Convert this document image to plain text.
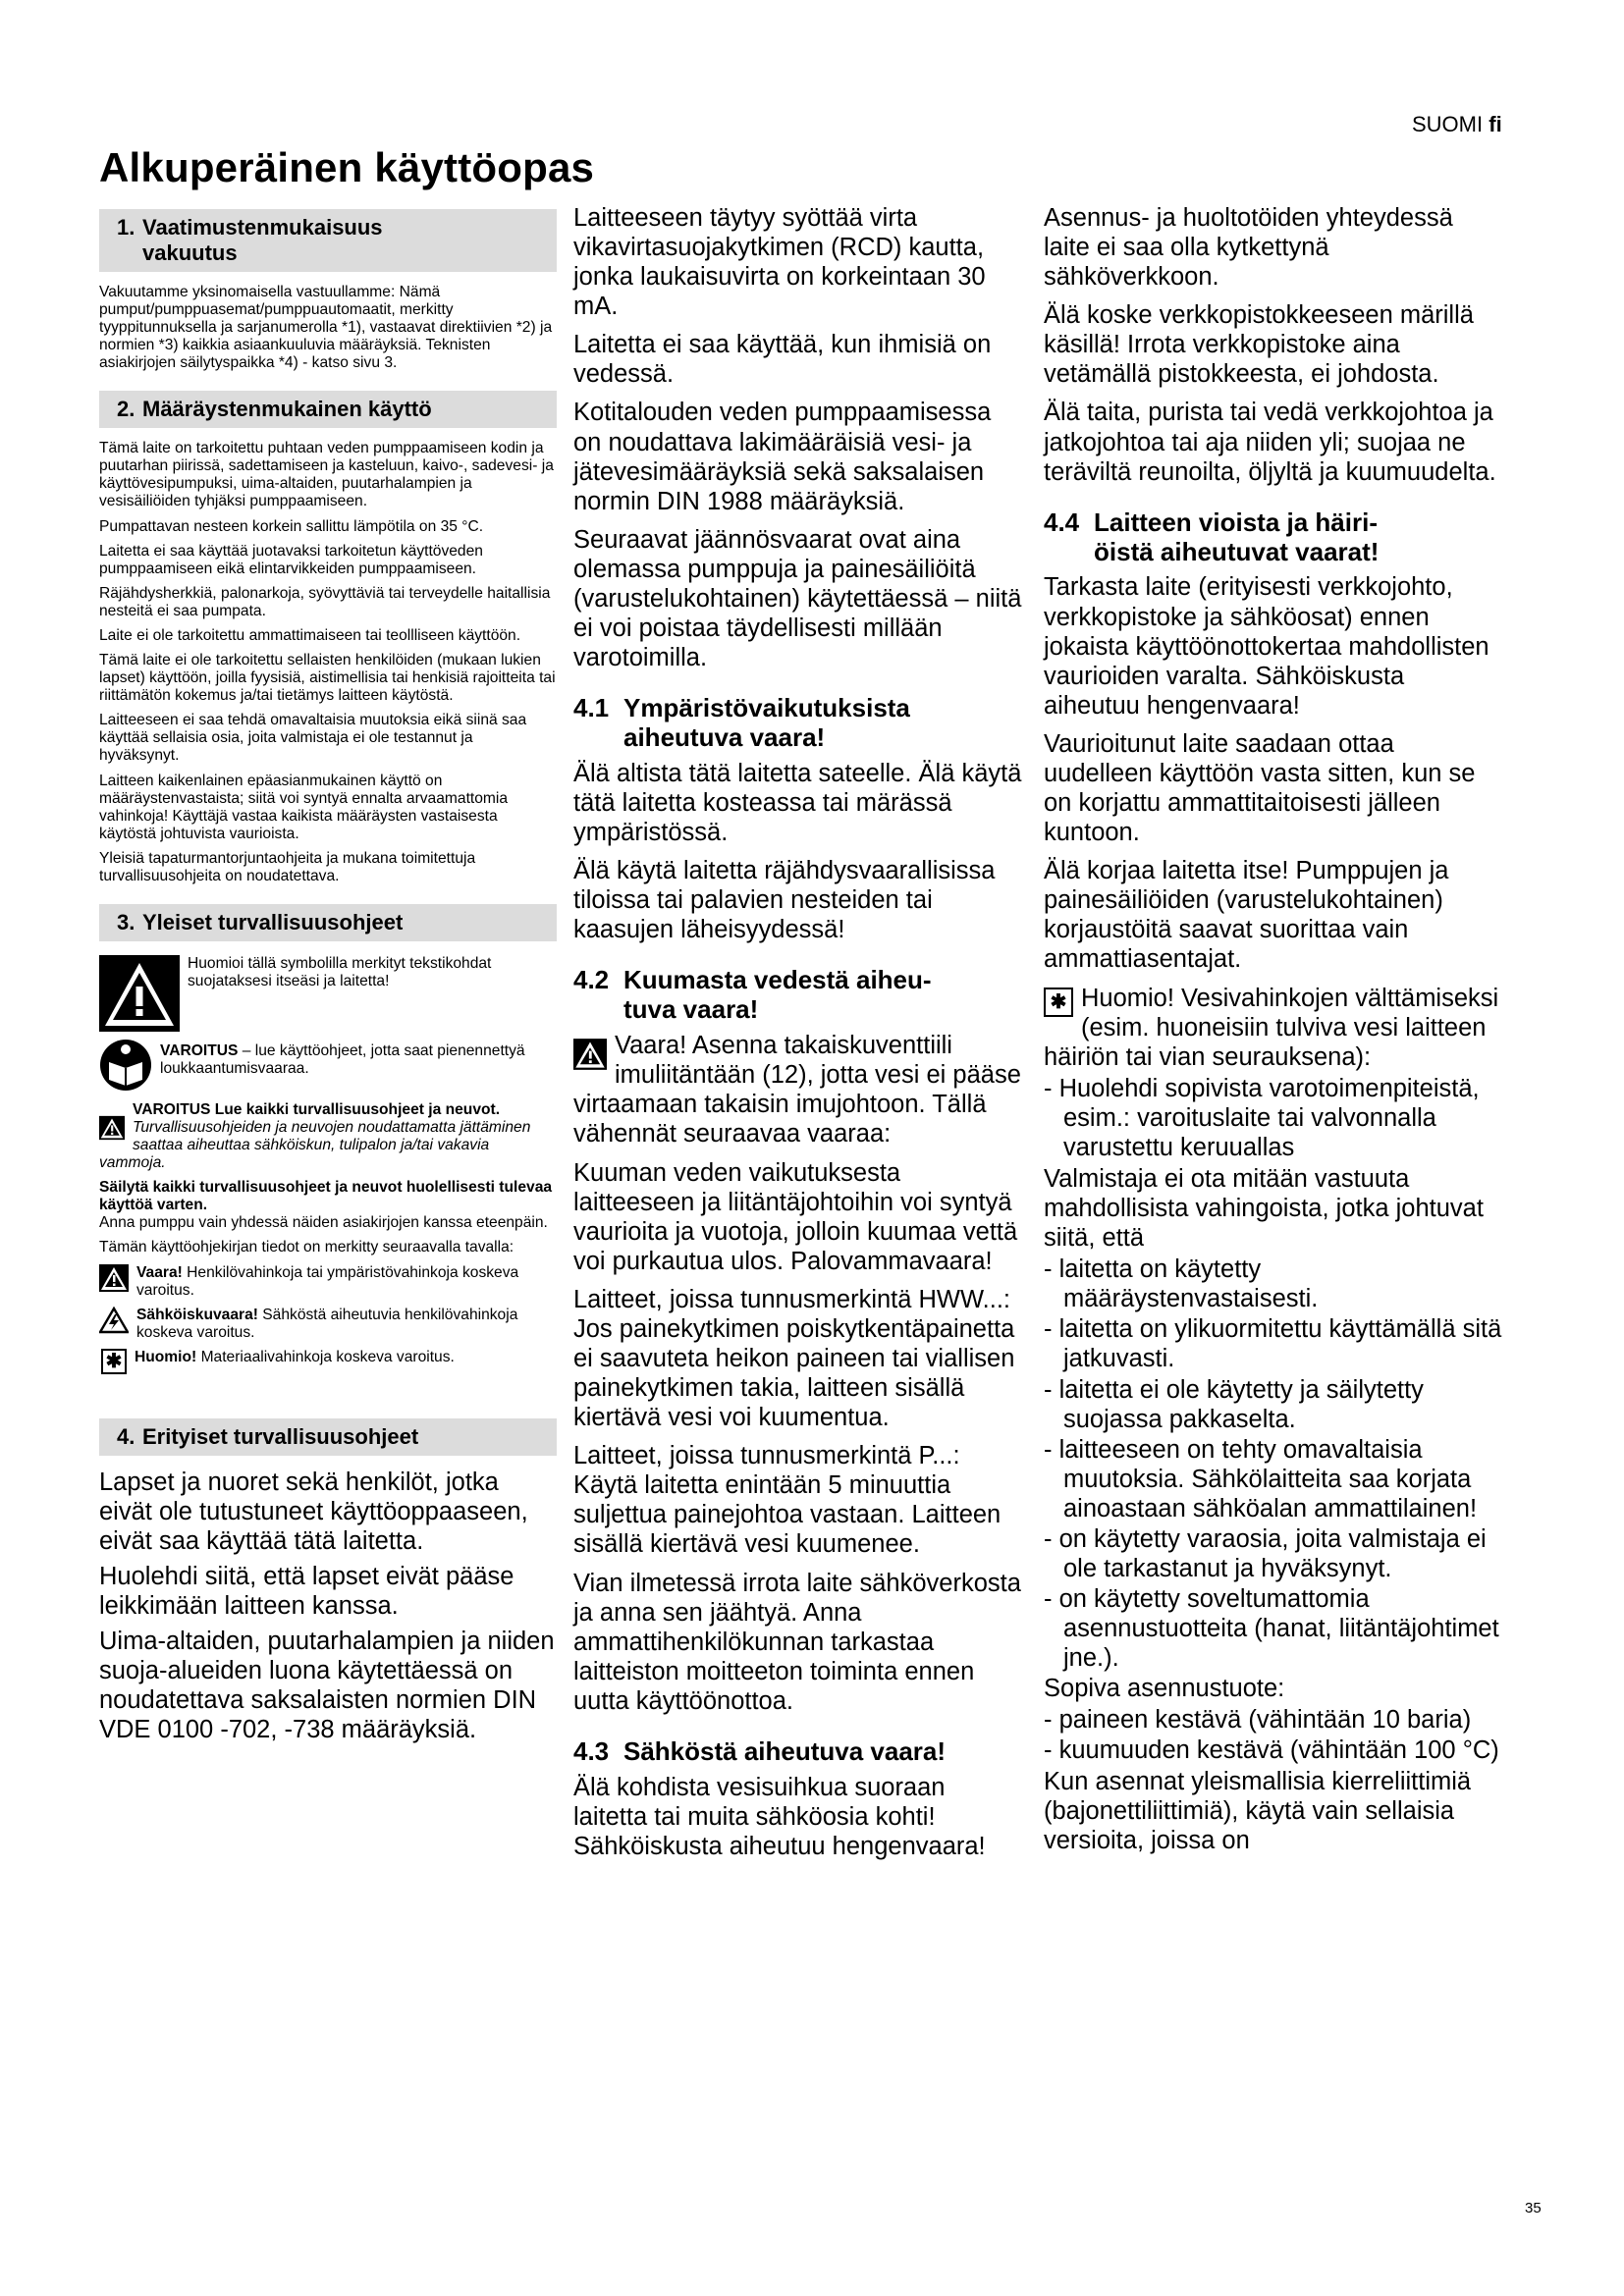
SUOMI fi
Alkuperäinen käyttöopas
1. Vaatimustenmukaisuus
vakuutus

Vakuutamme yksinomaisella vastuullamme: Nämä pumput/pumppuasemat/pumppuautomaatit, merkitty tyyppitunnuksella ja sarjanumerolla *1), vastaavat direktiivien *2) ja normien *3) kaikkia asiaankuuluvia määräyksiä. Teknisten asiakirjojen säilytyspaikka *4) - katso sivu 3.

2. Määräystenmukainen käyttö

Tämä laite on tarkoitettu puhtaan veden pumppaamiseen kodin ja puutarhan piirissä, sadettamiseen ja kasteluun, kaivo-, sadevesi- ja käyttövesipumpuksi, uima-altaiden, puutarhalampien ja vesisäiliöiden tyhjäksi pumppaamiseen.

Pumpattavan nesteen korkein sallittu lämpötila on 35 °C.

Laitetta ei saa käyttää juotavaksi tarkoitetun käyttöveden pumppaamiseen eikä elintarvikkeiden pumppaamiseen.

Räjähdysherkkiä, palonarkoja, syövyttäviä tai terveydelle haitallisia nesteitä ei saa pumpata.

Laite ei ole tarkoitettu ammattimaiseen tai teollliseen käyttöön.

Tämä laite ei ole tarkoitettu sellaisten henkilöiden (mukaan lukien lapset) käyttöön, joilla fyysisiä, aistimellisia tai henkisiä rajoitteita tai riittämätön kokemus ja/tai tietämys laitteen käytöstä.

Laitteeseen ei saa tehdä omavaltaisia muutoksia eikä siinä saa käyttää sellaisia osia, joita valmistaja ei ole testannut ja hyväksynyt.

Laitteen kaikenlainen epäasianmukainen käyttö on määräystenvastaista; siitä voi syntyä ennalta arvaamattomia vahinkoja! Käyttäjä vastaa kaikista määräysten vastaisesta käytöstä johtuvista vaurioista.

Yleisiä tapaturmantorjuntaohjeita ja mukana toimitettuja turvallisuusohjeita on noudatettava.

3. Yleiset turvallisuusohjeet

Huomioi tällä symbolilla merkityt tekstikohdat suojataksesi itseäsi ja laitetta!

VAROITUS – lue käyttöohjeet, jotta saat pienennettyä loukkaantumisvaaraa.

VAROITUS Lue kaikki turvallisuusohjeet ja neuvot. Turvallisuusohjeiden ja neuvojen noudattamatta jättäminen saattaa aiheuttaa sähköiskun, tulipalon ja/tai vakavia vammoja.

Säilytä kaikki turvallisuusohjeet ja neuvot huolellisesti tulevaa käyttöä varten.
Anna pumppu vain yhdessä näiden asiakirjojen kanssa eteenpäin.

Tämän käyttöohjekirjan tiedot on merkitty seuraavalla tavalla:

Vaara! Henkilövahinkoja tai ympäristövahinkoja koskeva varoitus.

Sähköiskuvaara! Sähköstä aiheutuvia henkilövahinkoja koskeva varoitus.

✱ Huomio! Materiaalivahinkoja koskeva varoitus.

4. Erityiset turvallisuusohjeet

Lapset ja nuoret sekä henkilöt, jotka eivät ole tutustuneet käyttöoppaaseen, eivät saa käyttää tätä laitetta.

Huolehdi siitä, että lapset eivät pääse leikkimään laitteen kanssa.

Uima-altaiden, puutarhalampien ja niiden suoja-alueiden luona käytettäessä on noudatettava saksalaisten normien DIN VDE 0100 -702, -738 määräyksiä.

Laitteeseen täytyy syöttää virta vikavirtasuojakytkimen (RCD) kautta, jonka laukaisuvirta on korkeintaan 30 mA.

Laitetta ei saa käyttää, kun ihmisiä on vedessä.

Kotitalouden veden pumppaamisessa on noudattava lakimääräisiä vesi- ja jätevesimääräyksiä sekä saksalaisen normin DIN 1988 määräyksiä.

Seuraavat jäännösvaarat ovat aina olemassa pumppuja ja painesäiliöitä (varustelukohtainen) käytettäessä – niitä ei voi poistaa täydellisesti millään varotoimilla.

4.1 Ympäristövaikutuksista
aiheutuva vaara!

Älä altista tätä laitetta sateelle. Älä käytä tätä laitetta kosteassa tai märässä ympäristössä.

Älä käytä laitetta räjähdysvaarallisissa tiloissa tai palavien nesteiden tai kaasujen läheisyydessä!

4.2 Kuumasta vedestä aiheu-
tuva vaara!

Vaara! Asenna takaiskuventtiili imuliitäntään (12), jotta vesi ei pääse virtaamaan takaisin imujohtoon. Tällä vähennät seuraavaa vaaraa:

Kuuman veden vaikutuksesta laitteeseen ja liitäntäjohtoihin voi syntyä vaurioita ja vuotoja, jolloin kuumaa vettä voi purkautua ulos. Palovammavaara!

Laitteet, joissa tunnusmerkintä HWW...: Jos painekytkimen poiskytkentäpainetta ei saavuteta heikon paineen tai viallisen painekytkimen takia, laitteen sisällä kiertävä vesi voi kuumentua.

Laitteet, joissa tunnusmerkintä P...: Käytä laitetta enintään 5 minuuttia suljettua painejohtoa vastaan. Laitteen sisällä kiertävä vesi kuumenee.

Vian ilmetessä irrota laite sähköverkosta ja anna sen jäähtyä. Anna ammattihenkilökunnan tarkastaa laitteiston moitteeton toiminta ennen uutta käyttöönottoa.

4.3 Sähköstä aiheutuva vaara!

Älä kohdista vesisuihkua suoraan laitetta tai muita sähköosia kohti! Sähköiskusta aiheutuu hengenvaara!

Asennus- ja huoltotöiden yhteydessä laite ei saa olla kytkettynä sähköverkkoon.

Älä koske verkkopistokkeeseen märillä käsillä! Irrota verkkopistoke aina vetämällä pistokkeesta, ei johdosta.

Älä taita, purista tai vedä verkkojohtoa ja jatkojohtoa tai aja niiden yli; suojaa ne teräviltä reunoilta, öljyltä ja kuumuudelta.

4.4 Laitteen vioista ja häiri-
öistä aiheutuvat vaarat!

Tarkasta laite (erityisesti verkkojohto, verkkopistoke ja sähköosat) ennen jokaista käyttöönottokertaa mahdollisten vaurioiden varalta. Sähköiskusta aiheutuu hengenvaara!

Vaurioitunut laite saadaan ottaa uudelleen käyttöön vasta sitten, kun se on korjattu ammattitaitoisesti jälleen kuntoon.

Älä korjaa laitetta itse! Pumppujen ja painesäiliöiden (varustelukohtainen) korjaustöitä saavat suorittaa vain ammattiasentajat.

✱ Huomio! Vesivahinkojen välttämiseksi (esim. huoneisiin tulviva vesi laitteen häiriön tai vian seurauksena):

- Huolehdi sopivista varotoimenpiteistä, esim.: varoituslaite tai valvonnalla varustettu keruuallas

Valmistaja ei ota mitään vastuuta mahdollisista vahingoista, jotka johtuvat siitä, että

- laitetta on käytetty määräystenvastaisesti.

- laitetta on ylikuormitettu käyttämällä sitä jatkuvasti.

- laitetta ei ole käytetty ja säilytetty suojassa pakkaselta.

- laitteeseen on tehty omavaltaisia muutoksia. Sähkölaitteita saa korjata ainoastaan sähköalan ammattilainen!

- on käytetty varaosia, joita valmistaja ei ole tarkastanut ja hyväksynyt.

- on käytetty soveltumattomia asennustuotteita (hanat, liitäntäjohtimet jne.).

Sopiva asennustuote:

- paineen kestävä (vähintään 10 baria)

- kuumuuden kestävä (vähintään 100 °C)

Kun asennat yleismallisia kierreliittimiä (bajonettiliittimiä), käytä vain sellaisia versioita, joissa on

35
